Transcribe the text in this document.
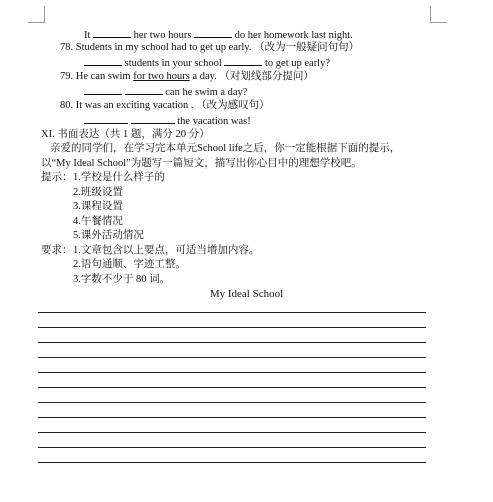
It	her two hours	do her homework last night.
78. Students in my school had to get up early. （改为一般疑问句句）
students in your school	to get up early?
79. He can swim for two hours a day. （对划线部分提问）
can he swim a day?
80. It was an exciting vacation . （改为感叹句）
the vacation was!
XI. 书面表达（共 1 题，满分 20 分）
亲爱的同学们，在学习完本单元School life之后，你一定能根据下面的提示，
以“My Ideal School”为题写一篇短文，描写出你心目中的理想学校吧。
提示： 1.学校是什么样子的
2.班级设置
3.课程设置
4.午餐情况
5.课外活动情况
要求： 1.文章包含以上要点，可适当增加内容。
2.语句通顺、字迹工整。
3.字数不少于 80 词。
My Ideal School
